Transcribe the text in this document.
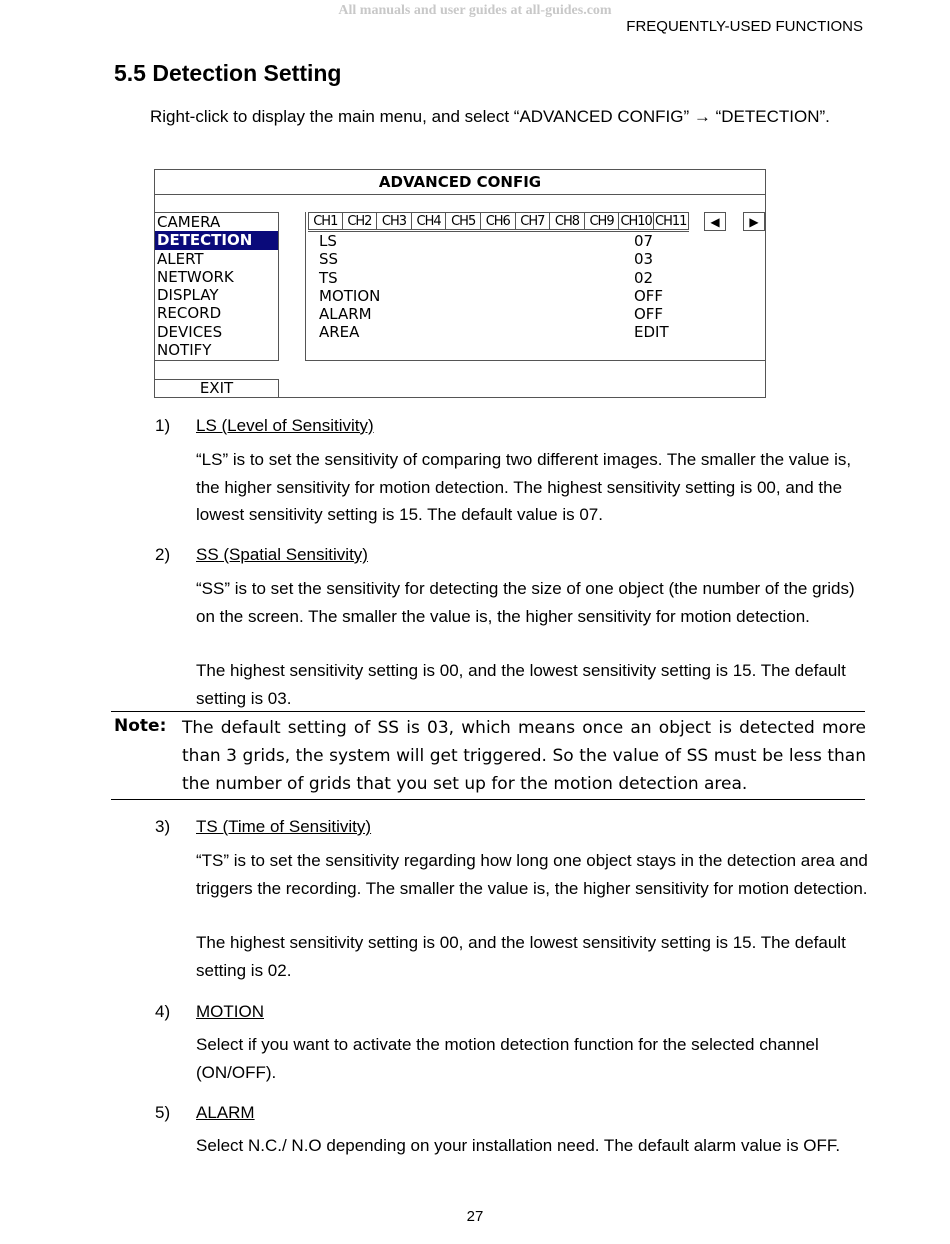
All manuals and user guides at all-guides.com
FREQUENTLY-USED FUNCTIONS
5.5 Detection Setting
Right-click to display the main menu, and select “ADVANCED CONFIG” → “DETECTION”.
ADVANCED CONFIG
CAMERA
DETECTION
ALERT
NETWORK
DISPLAY
RECORD
DEVICES
NOTIFY
EXIT
CH1 CH2 CH3 CH4 CH5 CH6 CH7 CH8 CH9 CH10 CH11	◀	▶
LS	07
SS	03
TS	02
MOTION	OFF
ALARM	OFF
AREA	EDIT
1) LS (Level of Sensitivity)
“LS” is to set the sensitivity of comparing two different images. The smaller the value is, the higher sensitivity for motion detection. The highest sensitivity setting is 00, and the lowest sensitivity setting is 15. The default value is 07.
2) SS (Spatial Sensitivity)
“SS” is to set the sensitivity for detecting the size of one object (the number of the grids) on the screen. The smaller the value is, the higher sensitivity for motion detection.
The highest sensitivity setting is 00, and the lowest sensitivity setting is 15. The default setting is 03.
Note: The default setting of SS is 03, which means once an object is detected more than 3 grids, the system will get triggered. So the value of SS must be less than the number of grids that you set up for the motion detection area.
3) TS (Time of Sensitivity)
“TS” is to set the sensitivity regarding how long one object stays in the detection area and triggers the recording. The smaller the value is, the higher sensitivity for motion detection.
The highest sensitivity setting is 00, and the lowest sensitivity setting is 15. The default setting is 02.
4) MOTION
Select if you want to activate the motion detection function for the selected channel (ON/OFF).
5) ALARM
Select N.C./ N.O depending on your installation need. The default alarm value is OFF.
27
